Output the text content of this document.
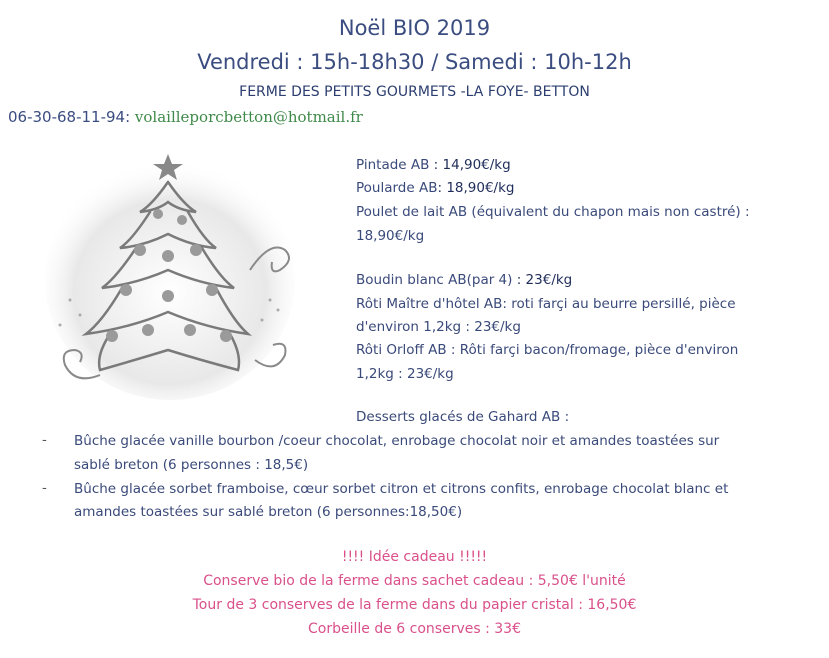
Noël BIO 2019
Vendredi : 15h-18h30 / Samedi : 10h-12h
FERME DES PETITS GOURMETS -LA FOYE- BETTON
06-30-68-11-94: volailleporcbetton@hotmail.fr
Pintade AB : 14,90€/kg
Poularde AB: 18,90€/kg
Poulet de lait AB (équivalent du chapon mais non castré) :
18,90€/kg
Boudin blanc AB(par 4) : 23€/kg
Rôti Maître d'hôtel AB: roti farçi au beurre persillé, pièce
d'environ 1,2kg : 23€/kg
Rôti Orloff AB : Rôti farçi bacon/fromage, pièce d'environ
1,2kg : 23€/kg
Desserts glacés de Gahard AB :
- Bûche glacée vanille bourbon /coeur chocolat, enrobage chocolat noir et amandes toastées sur
sablé breton (6 personnes : 18,5€)
- Bûche glacée sorbet framboise, cœur sorbet citron et citrons confits, enrobage chocolat blanc et
amandes toastées sur sablé breton (6 personnes:18,50€)
!!!! Idée cadeau !!!!!
Conserve bio de la ferme dans sachet cadeau : 5,50€ l'unité
Tour de 3 conserves de la ferme dans du papier cristal : 16,50€
Corbeille de 6 conserves : 33€
